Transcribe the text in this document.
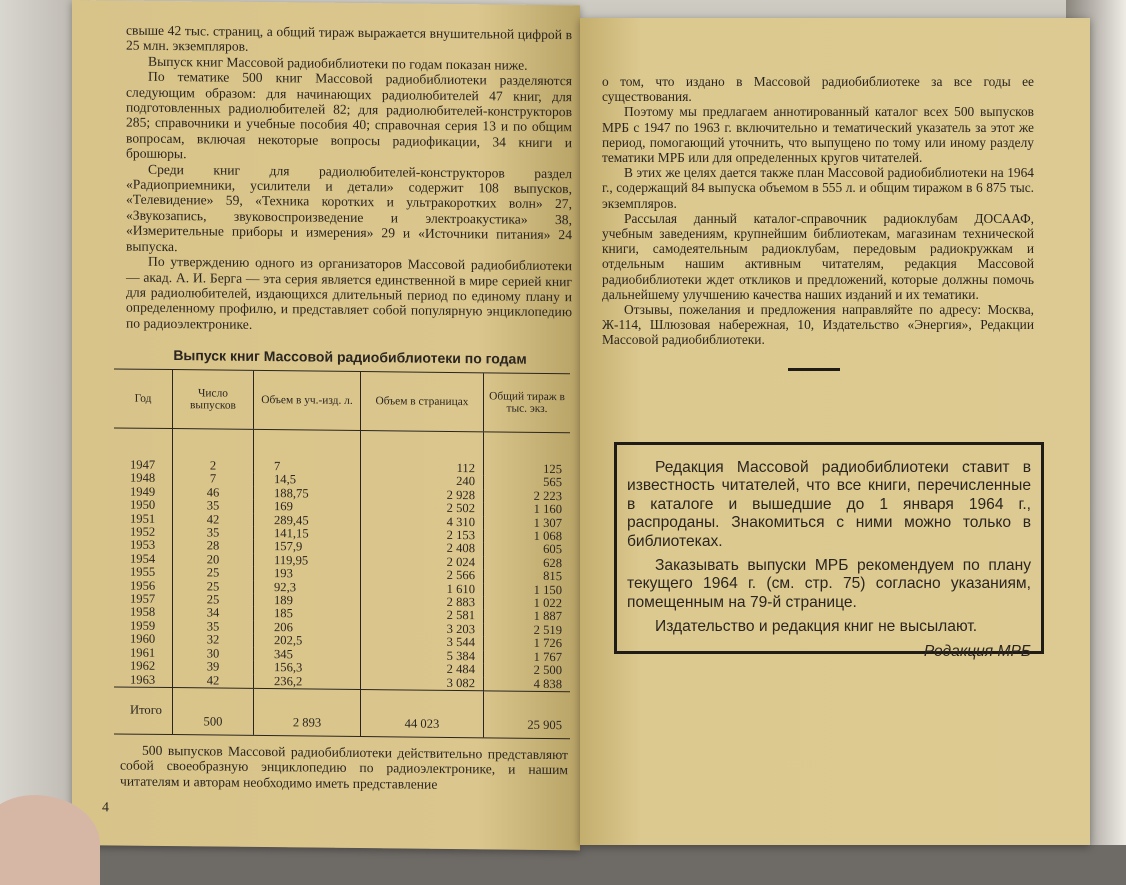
свыше 42 тыс. страниц, а общий тираж выражается внушительной цифрой в 25 млн. экземпляров.

Выпуск книг Массовой радиобиблиотеки по годам показан ниже.

По тематике 500 книг Массовой радиобиблиотеки разделяются следующим образом: для начинающих радиолюбителей 47 книг, для подготовленных радиолюбителей 82; для радиолюбителей-конструкторов 285; справочники и учебные пособия 40; справочная серия 13 и по общим вопросам, включая некоторые вопросы радиофикации, 34 книги и брошюры.

Среди книг для радиолюбителей-конструкторов раздел «Радиоприемники, усилители и детали» содержит 108 выпусков, «Телевидение» 59, «Техника коротких и ультракоротких волн» 27, «Звукозапись, звуковоспроизведение и электроакустика» 38, «Измерительные приборы и измерения» 29 и «Источники питания» 24 выпуска.

По утверждению одного из организаторов Массовой радиобиблиотеки — акад. А. И. Берга — эта серия является единственной в мире серией книг для радиолюбителей, издающихся длительный период по единому плану и определенному профилю, и представляет собой популярную энциклопедию по радиоэлектронике.

Выпуск книг Массовой радиобиблиотеки по годам
Год	Число выпусков	Объем в уч.-изд. л.	Объем в страницах	Общий тираж в тыс. экз.
1947	2	7	112	125
1948	7	14,5	240	565
1949	46	188,75	2 928	2 223
1950	35	169	2 502	1 160
1951	42	289,45	4 310	1 307
1952	35	141,15	2 153	1 068
1953	28	157,9	2 408	605
1954	20	119,95	2 024	628
1955	25	193	2 566	815
1956	25	92,3	1 610	1 150
1957	25	189	2 883	1 022
1958	34	185	2 581	1 887
1959	35	206	3 203	2 519
1960	32	202,5	3 544	1 726
1961	30	345	5 384	1 767
1962	39	156,3	2 484	2 500
1963	42	236,2	3 082	4 838
Итого	500	2 893	44 023	25 905

500 выпусков Массовой радиобиблиотеки действительно представляют собой своеобразную энциклопедию по радиоэлектронике, и нашим читателям и авторам необходимо иметь представление

4

о том, что издано в Массовой радиобиблиотеке за все годы ее существования.

Поэтому мы предлагаем аннотированный каталог всех 500 выпусков МРБ с 1947 по 1963 г. включительно и тематический указатель за этот же период, помогающий уточнить, что выпущено по тому или иному разделу тематики МРБ или для определенных кругов читателей.

В этих же целях дается также план Массовой радиобиблиотеки на 1964 г., содержащий 84 выпуска объемом в 555 л. и общим тиражом в 6 875 тыс. экземпляров.

Рассылая данный каталог-справочник радиоклубам ДОСААФ, учебным заведениям, крупнейшим библиотекам, магазинам технической книги, самодеятельным радиоклубам, передовым радиокружкам и отдельным нашим активным читателям, редакция Массовой радиобиблиотеки ждет откликов и предложений, которые должны помочь дальнейшему улучшению качества наших изданий и их тематики.

Отзывы, пожелания и предложения направляйте по адресу: Москва, Ж-114, Шлюзовая набережная, 10, Издательство «Энергия», Редакции Массовой радиобиблиотеки.

Редакция Массовой радиобиблиотеки ставит в известность читателей, что все книги, перечисленные в каталоге и вышедшие до 1 января 1964 г., распроданы. Знакомиться с ними можно только в библиотеках.

Заказывать выпуски МРБ рекомендуем по плану текущего 1964 г. (см. стр. 75) согласно указаниям, помещенным на 79-й странице.

Издательство и редакция книг не высылают.

Редакция МРБ
